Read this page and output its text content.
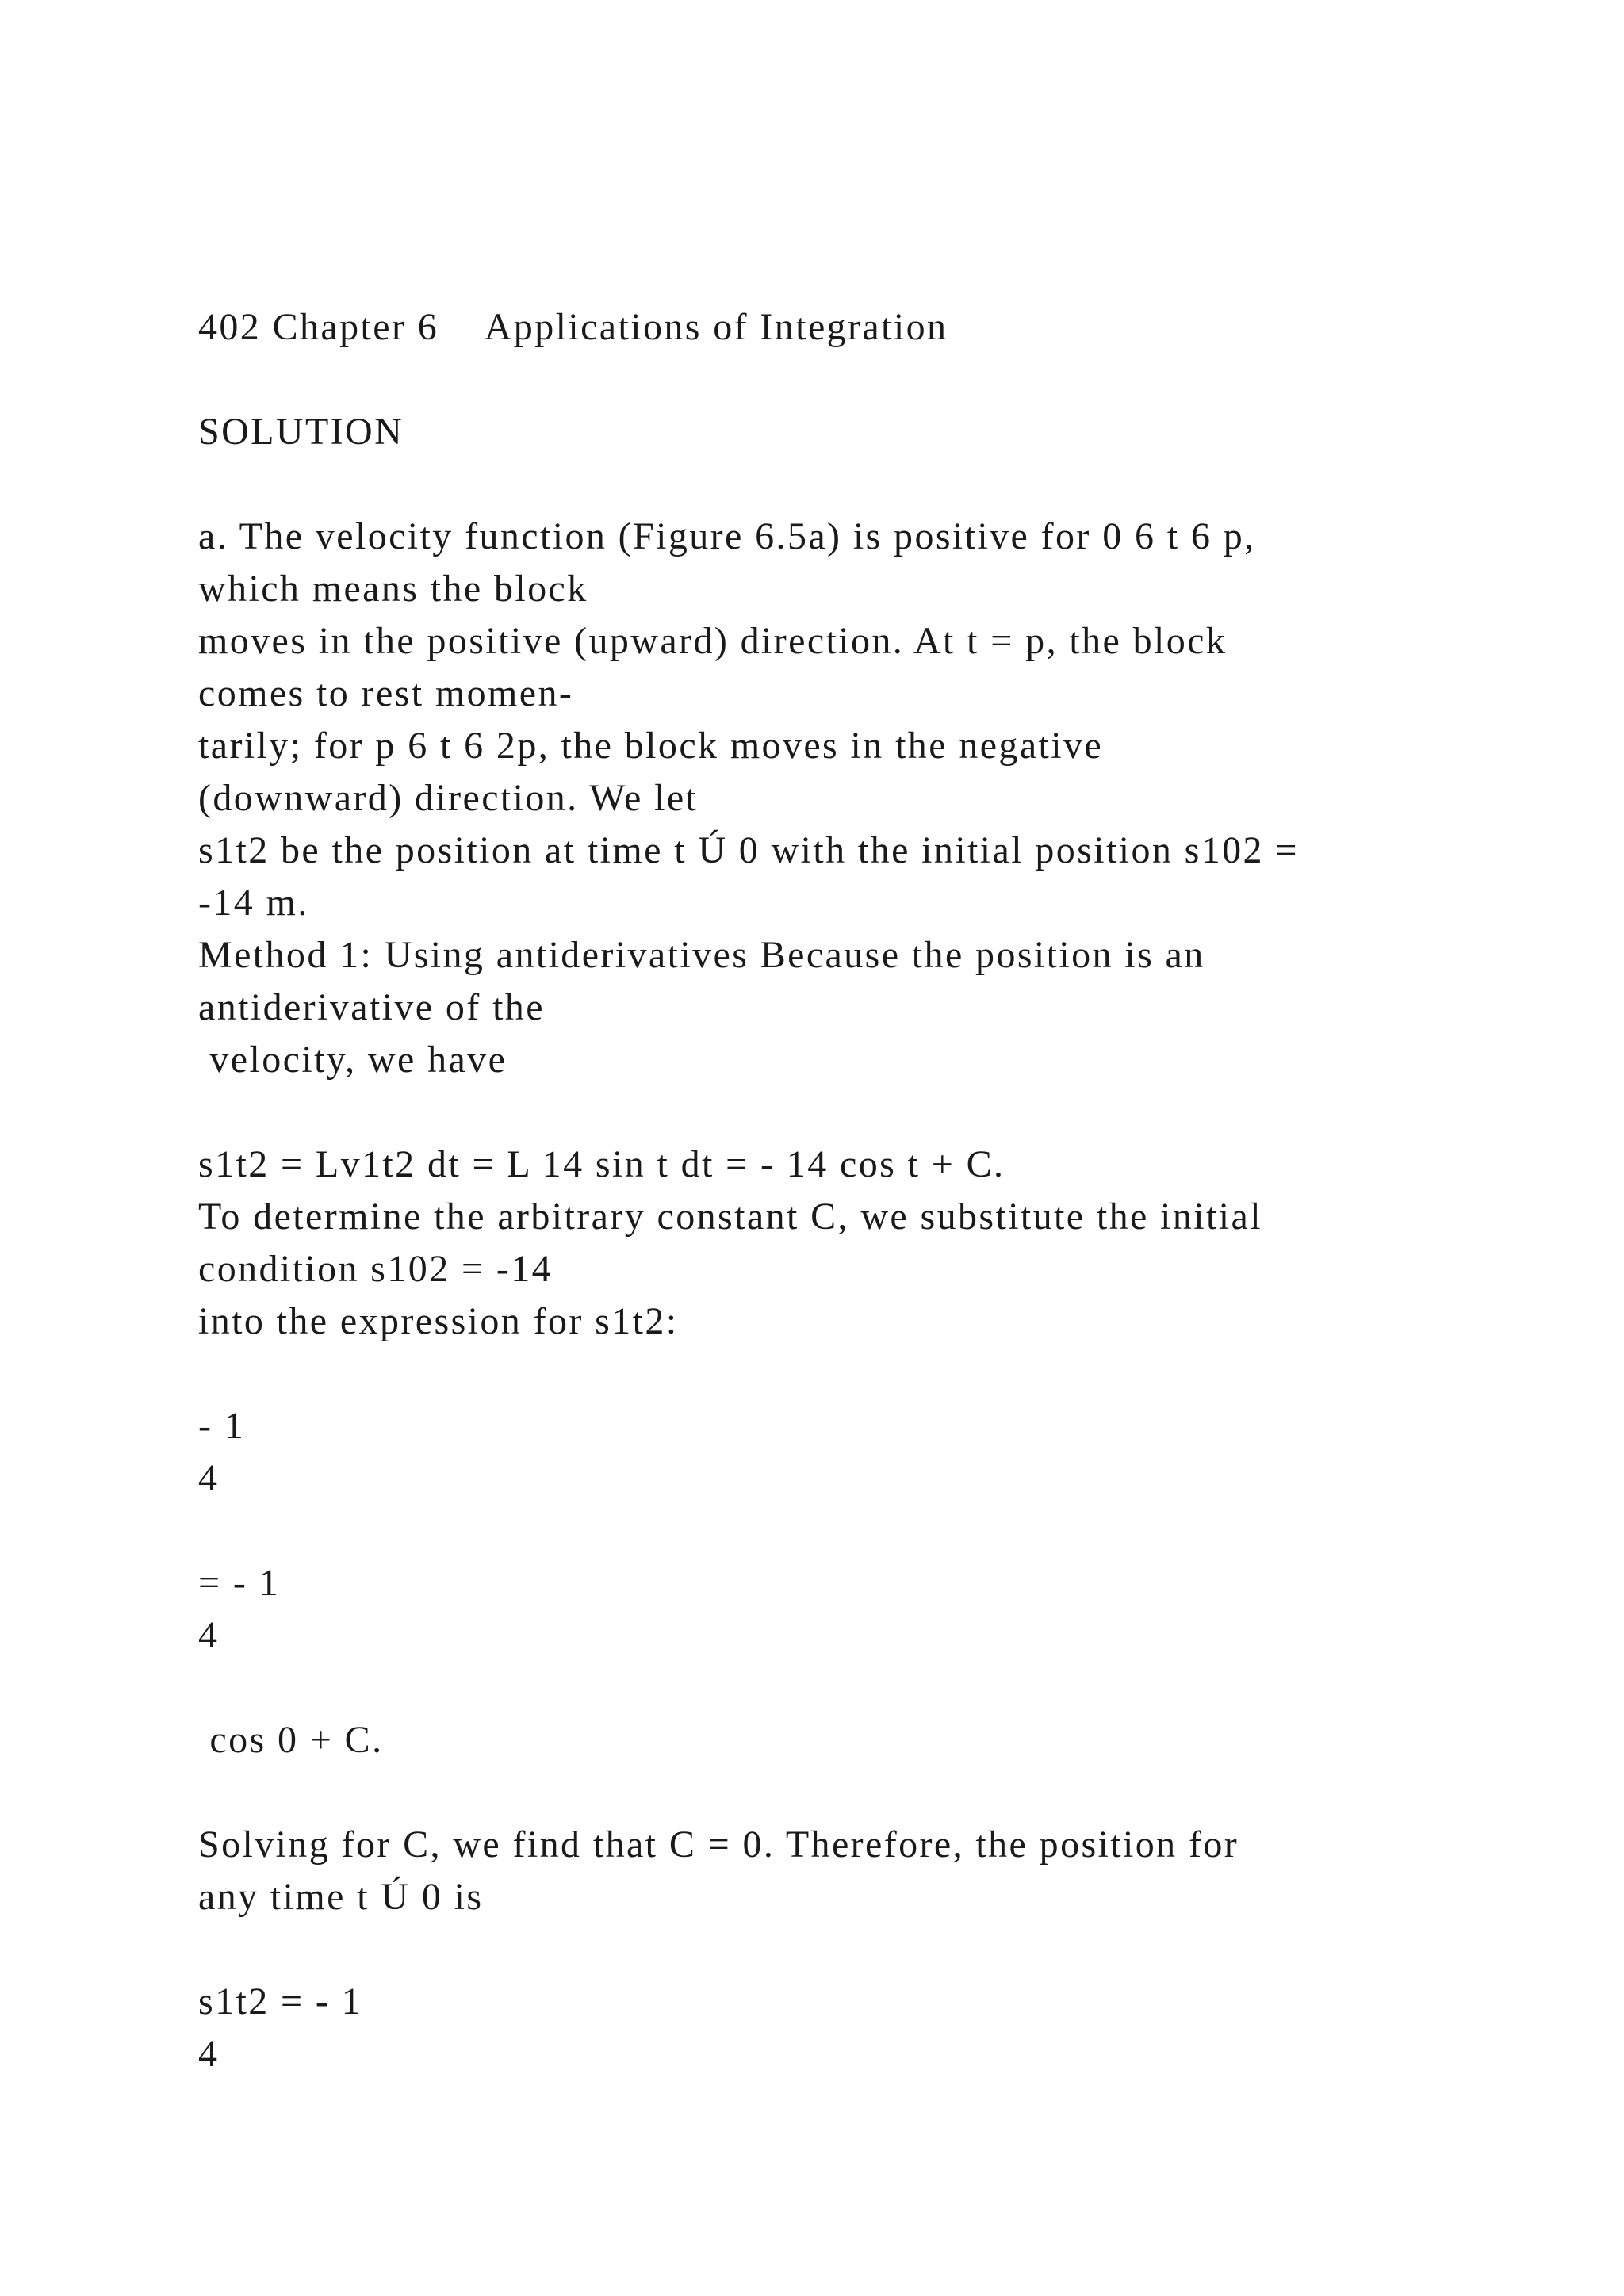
402 Chapter 6    Applications of Integration
SOLUTION
a. The velocity function (Figure 6.5a) is positive for 0 6 t 6 p,
which means the block
moves in the positive (upward) direction. At t = p, the block
comes to rest momen-
tarily; for p 6 t 6 2p, the block moves in the negative
(downward) direction. We let
s1t2 be the position at time t Ú 0 with the initial position s102 =
-14 m.
Method 1: Using antiderivatives Because the position is an
antiderivative of the
velocity, we have
s1t2 = Lv1t2 dt = L 14 sin t dt = - 14 cos t + C.
To determine the arbitrary constant C, we substitute the initial
condition s102 = -14
into the expression for s1t2:
- 1
4
= - 1
4
cos 0 + C.
Solving for C, we find that C = 0. Therefore, the position for
any time t Ú 0 is
s1t2 = - 1
4
